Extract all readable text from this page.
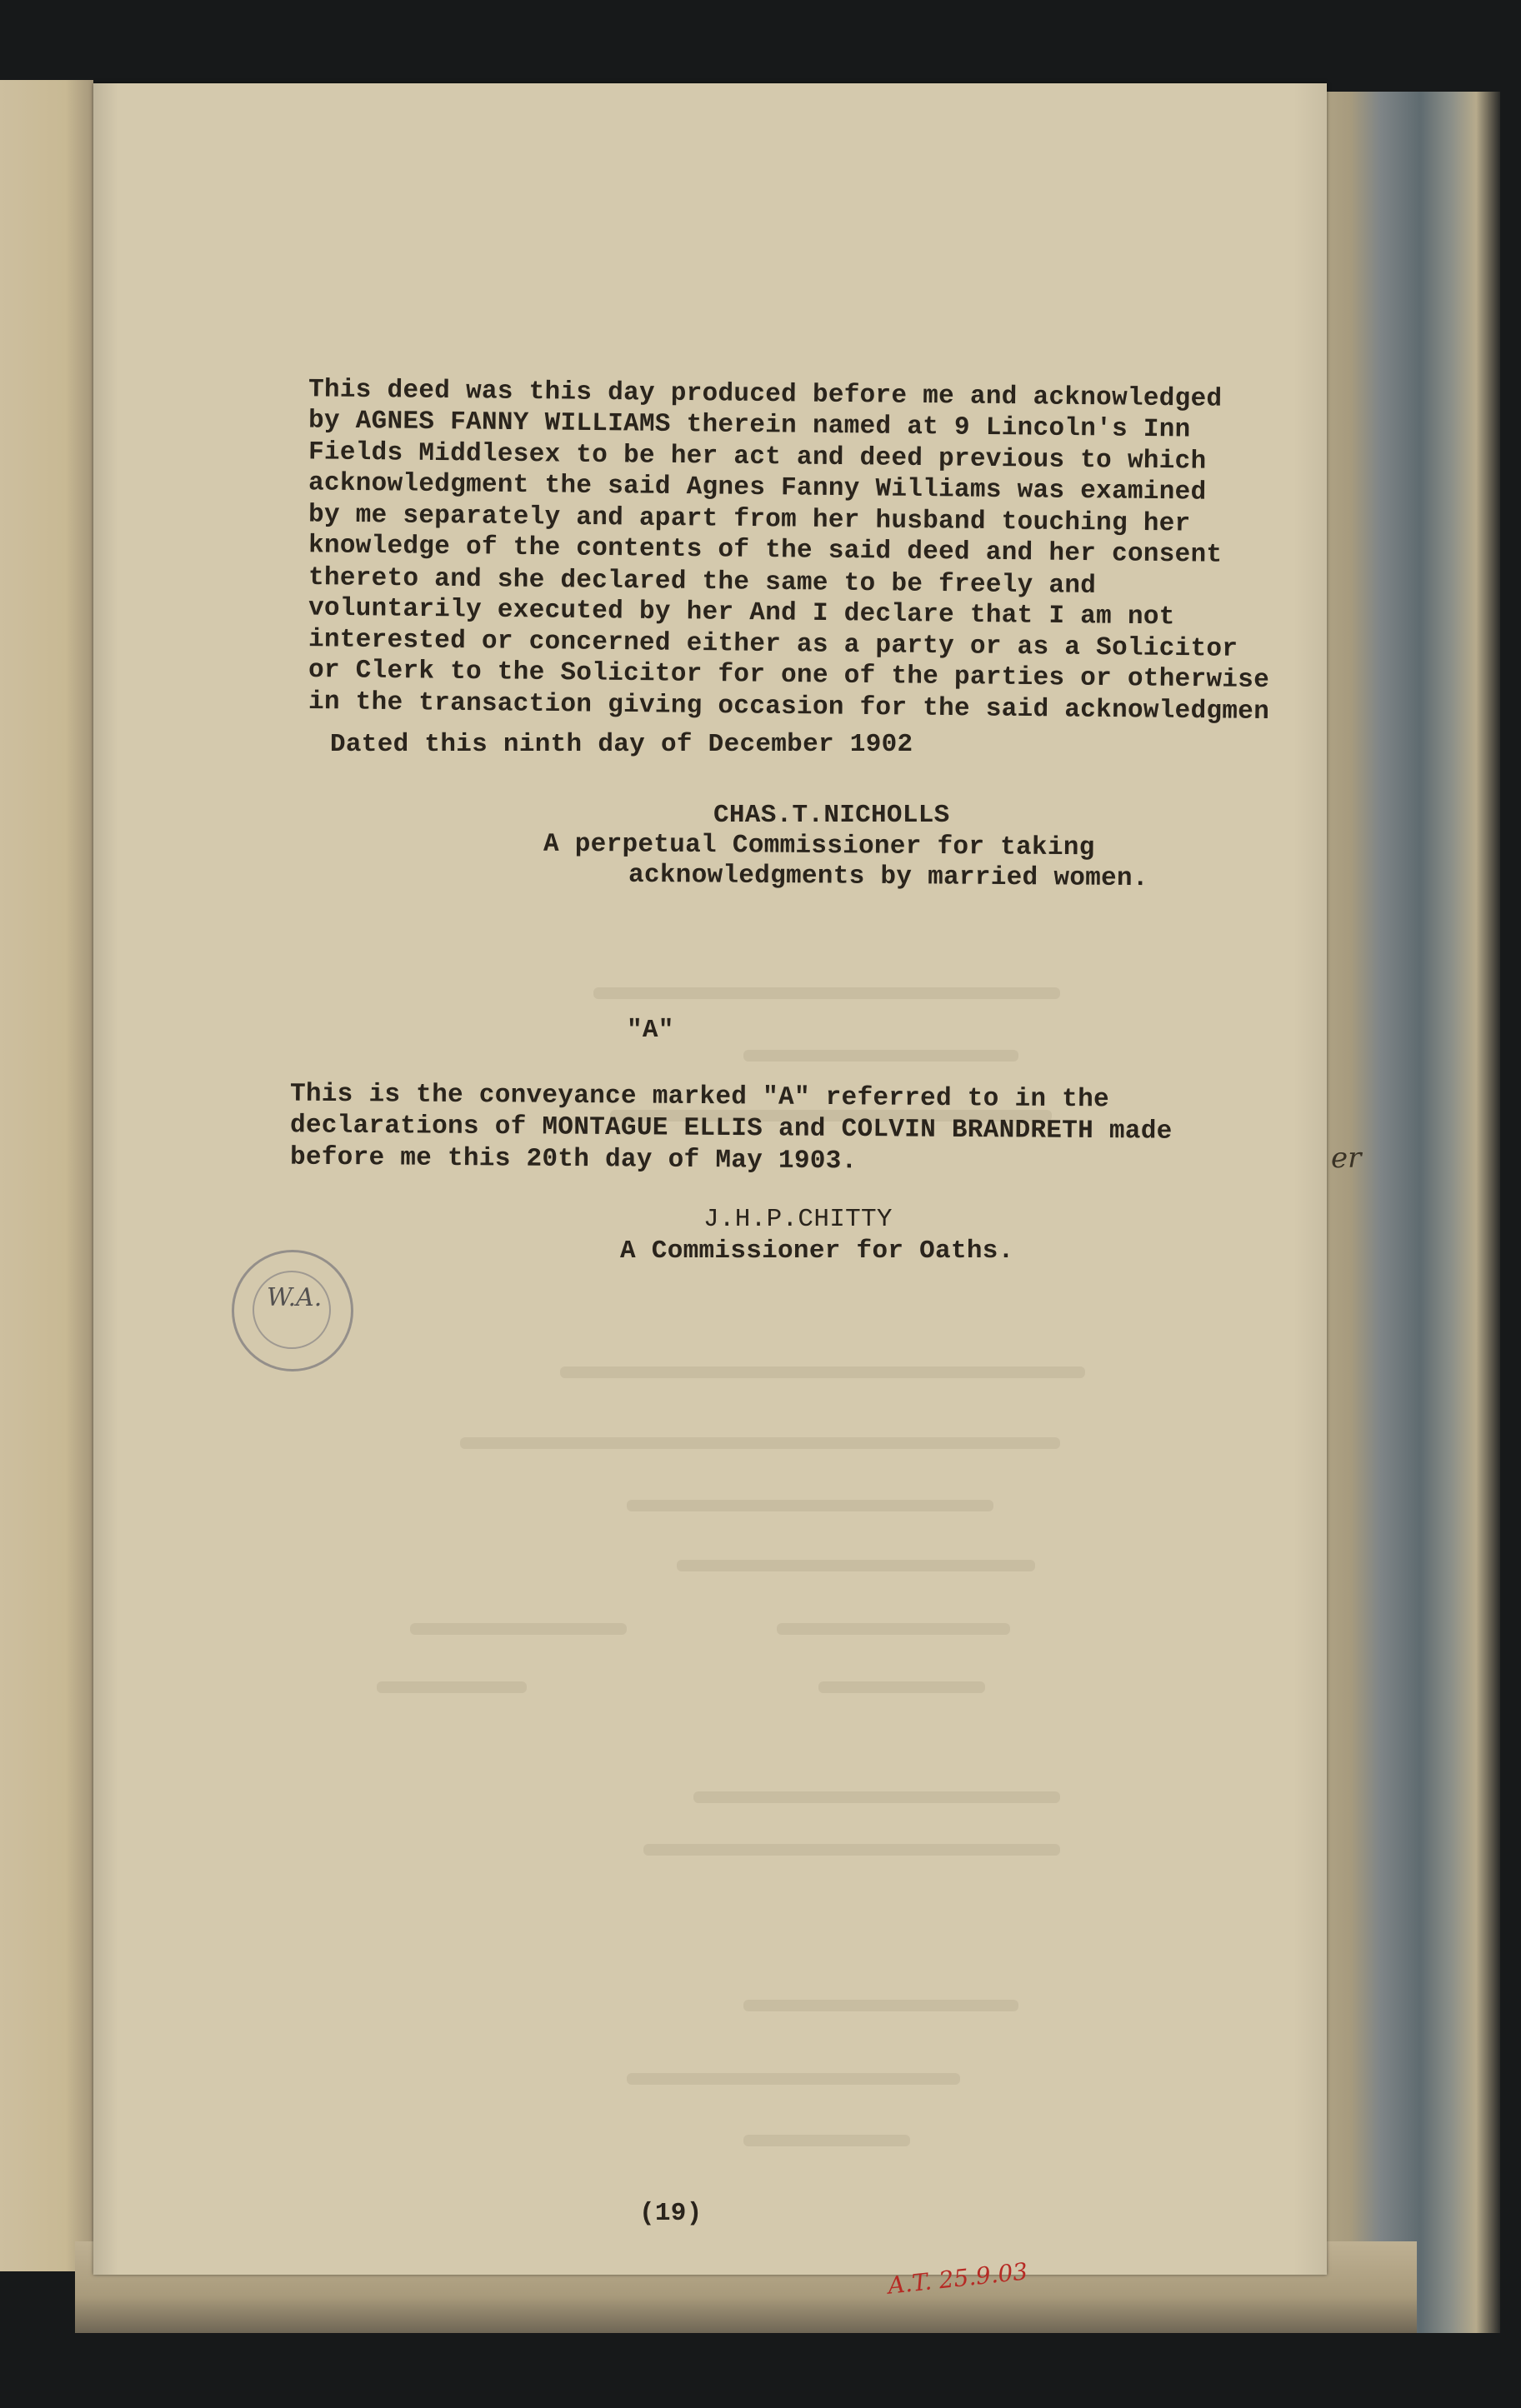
This deed was this day produced before me and acknowledged
by AGNES FANNY WILLIAMS therein named at 9 Lincoln's Inn
Fields Middlesex to be her act and deed previous to which
acknowledgment the said Agnes Fanny Williams was examined
by me separately and apart from her husband touching her
knowledge of the contents of the said deed and her consent
thereto and she declared the same to be freely and
voluntarily executed by her And I declare that I am not
interested or concerned either as a party or as a Solicitor
or Clerk to the Solicitor for one of the parties or otherwise
in the transaction giving occasion for the said acknowledgmen
Dated this ninth day of December 1902
CHAS.T.NICHOLLS
A perpetual Commissioner for taking
acknowledgments by married women.
"A"
This is the conveyance marked "A" referred to in the
declarations of MONTAGUE ELLIS and COLVIN BRANDRETH made
before me this 20th day of May 1903.
J.H.P.CHITTY
A Commissioner for Oaths.
(19)
W.A.
er
A.T. 25.9.03
